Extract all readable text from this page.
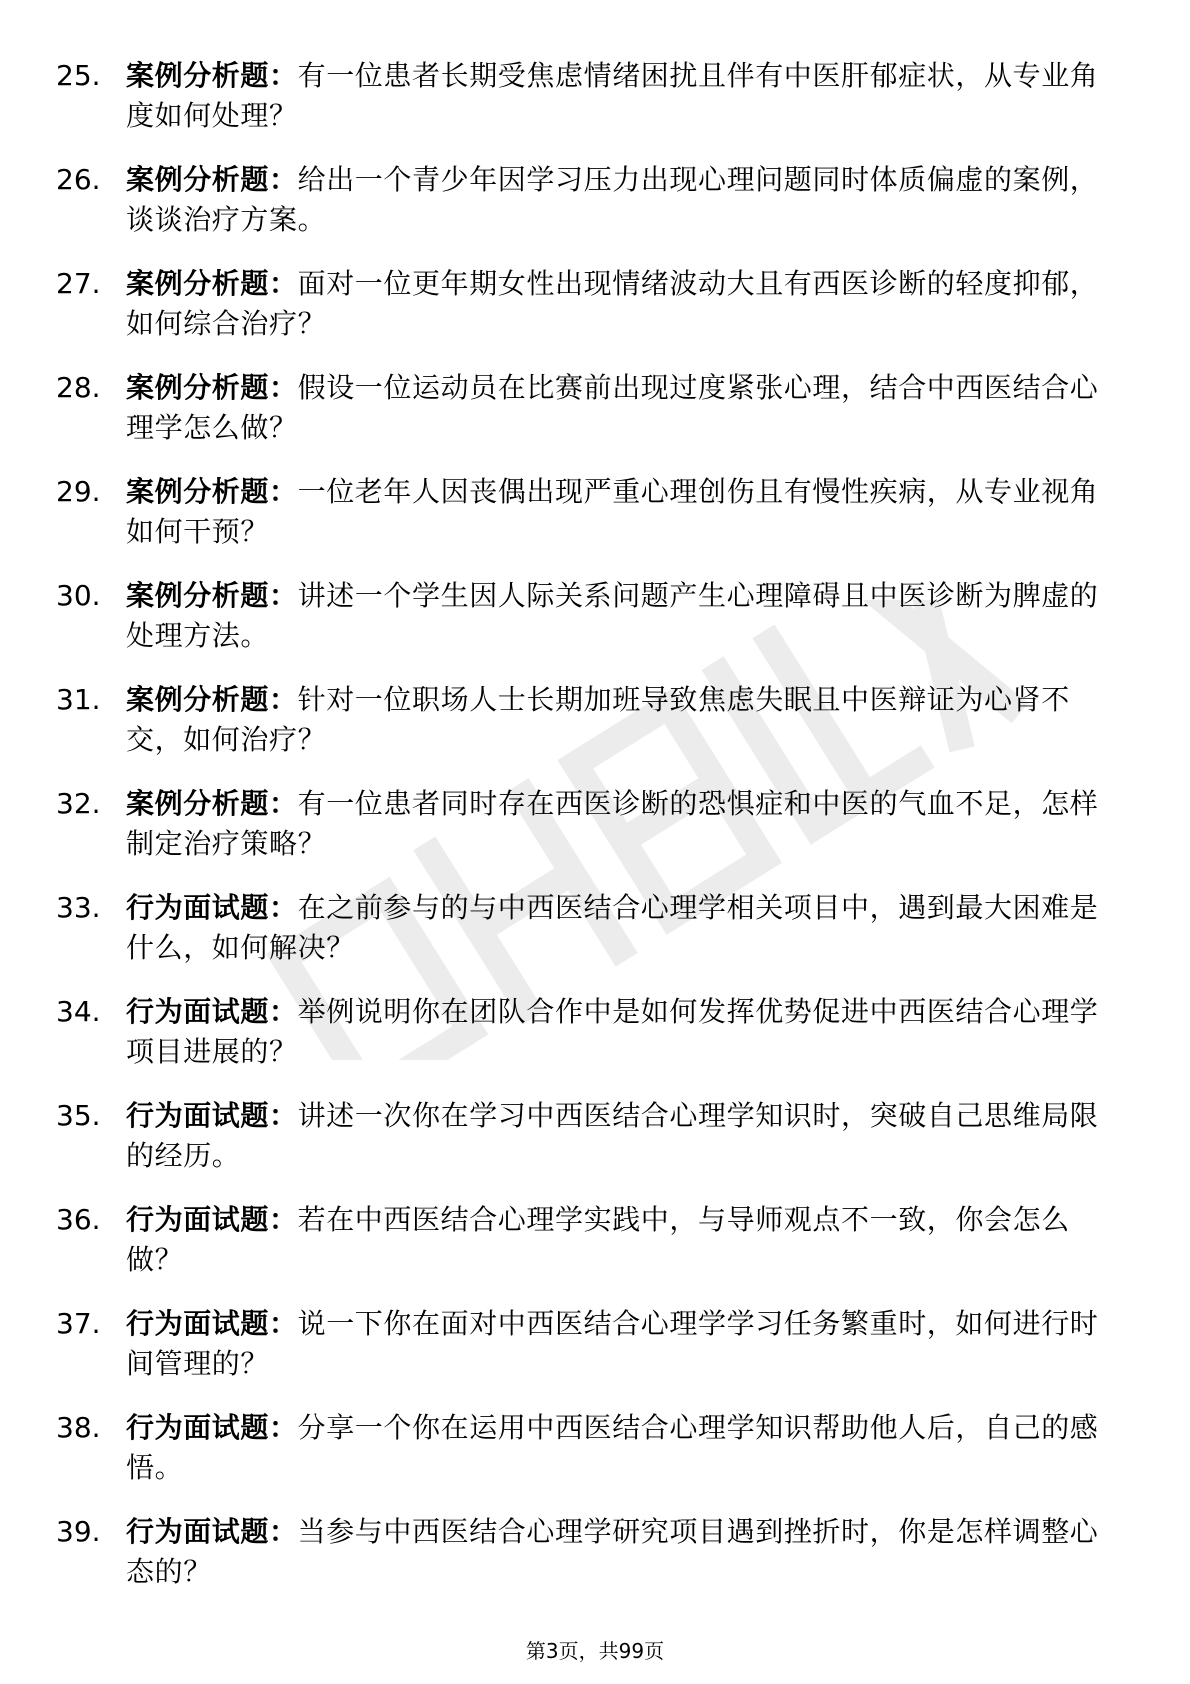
25. 案例分析题：有一位患者长期受焦虑情绪困扰且伴有中医肝郁症状，从专业角度如何处理？
26. 案例分析题：给出一个青少年因学习压力出现心理问题同时体质偏虚的案例，谈谈治疗方案。
27. 案例分析题：面对一位更年期女性出现情绪波动大且有西医诊断的轻度抑郁，如何综合治疗？
28. 案例分析题：假设一位运动员在比赛前出现过度紧张心理，结合中西医结合心理学怎么做？
29. 案例分析题：一位老年人因丧偶出现严重心理创伤且有慢性疾病，从专业视角如何干预？
30. 案例分析题：讲述一个学生因人际关系问题产生心理障碍且中医诊断为脾虚的处理方法。
31. 案例分析题：针对一位职场人士长期加班导致焦虑失眠且中医辩证为心肾不交，如何治疗？
32. 案例分析题：有一位患者同时存在西医诊断的恐惧症和中医的气血不足，怎样制定治疗策略？
33. 行为面试题：在之前参与的与中西医结合心理学相关项目中，遇到最大困难是什么，如何解决？
34. 行为面试题：举例说明你在团队合作中是如何发挥优势促进中西医结合心理学项目进展的？
35. 行为面试题：讲述一次你在学习中西医结合心理学知识时，突破自己思维局限的经历。
36. 行为面试题：若在中西医结合心理学实践中，与导师观点不一致，你会怎么做？
37. 行为面试题：说一下你在面对中西医结合心理学学习任务繁重时，如何进行时间管理的？
38. 行为面试题：分享一个你在运用中西医结合心理学知识帮助他人后，自己的感悟。
39. 行为面试题：当参与中西医结合心理学研究项目遇到挫折时，你是怎样调整心态的？
第3页，共99页
